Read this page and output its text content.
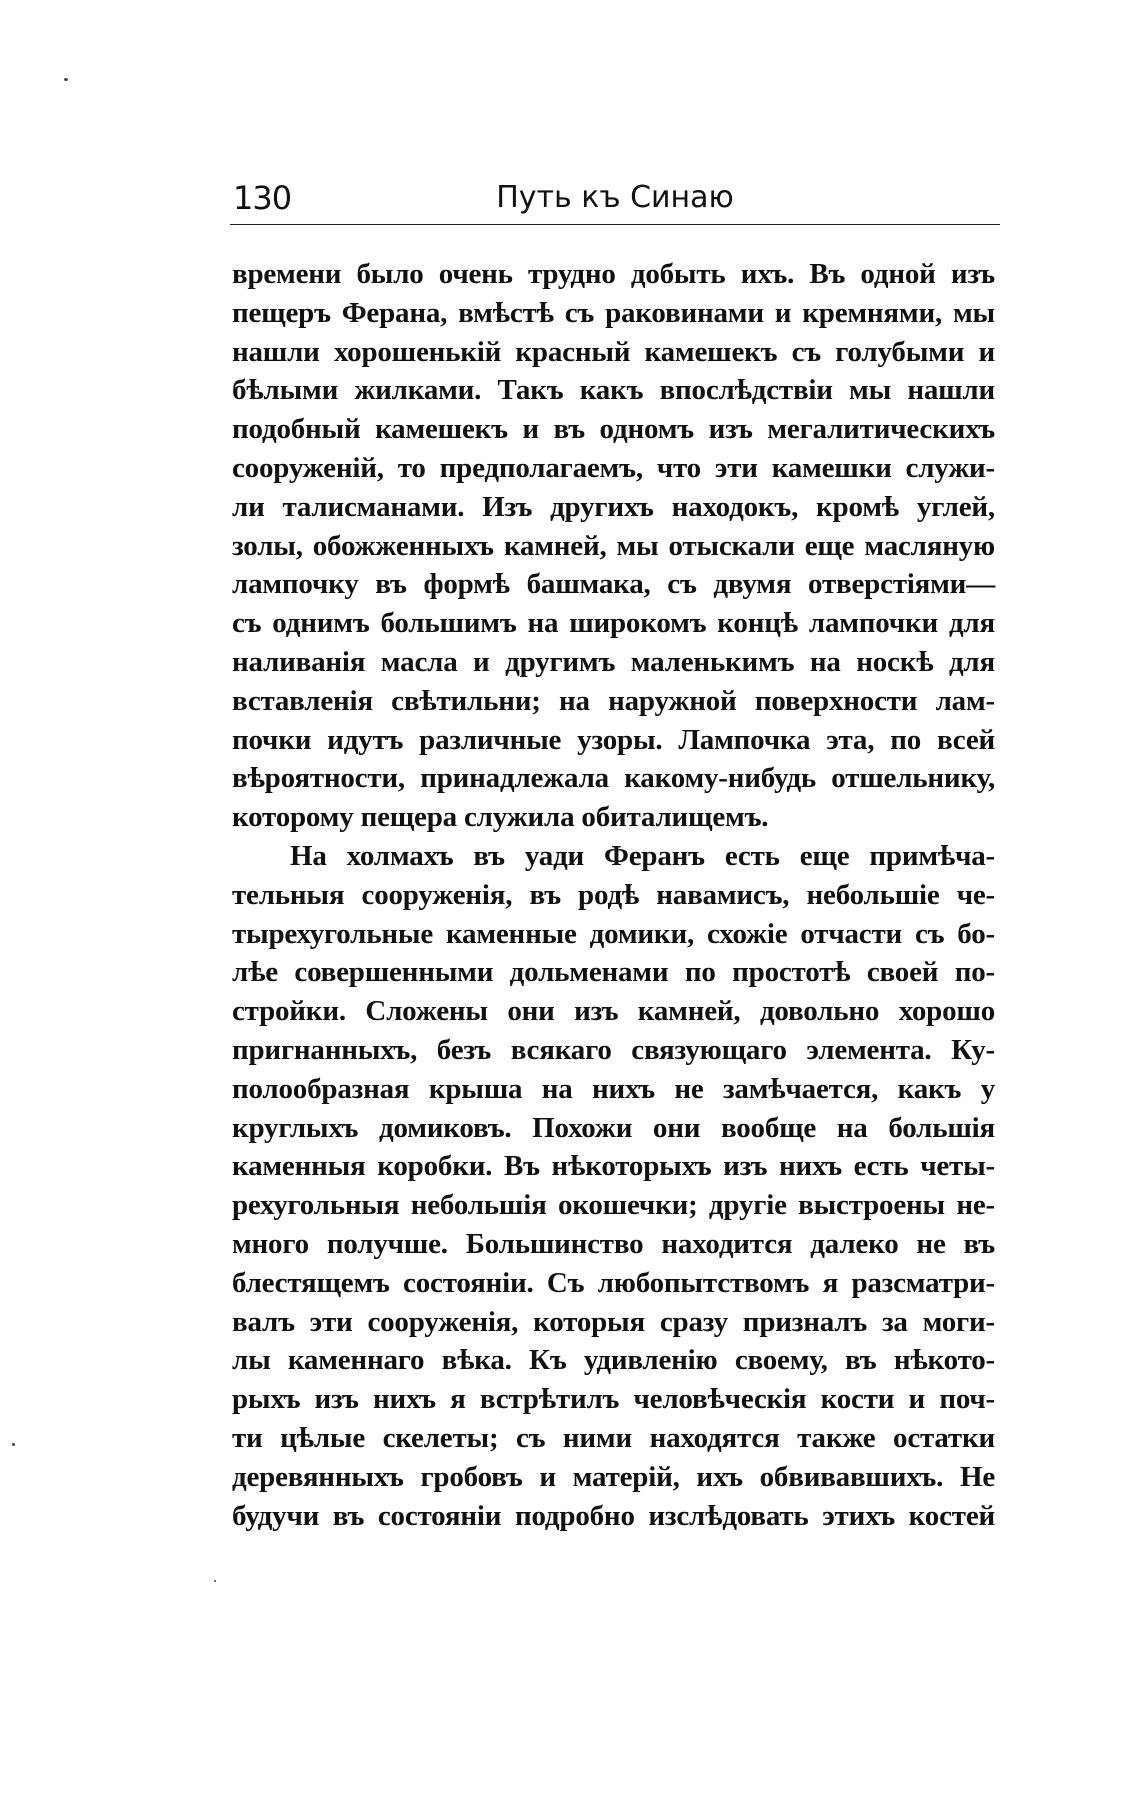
130	Путь къ Синаю
времени было очень трудно добыть ихъ. Въ одной изъ
пещеръ Ферана, вмѣстѣ съ раковинами и кремнями, мы
нашли хорошенькій красный камешекъ съ голубыми и
бѣлыми жилками. Такъ какъ впослѣдствіи мы нашли
подобный камешекъ и въ одномъ изъ мегалитическихъ
сооруженій, то предполагаемъ, что эти камешки служи-
ли талисманами. Изъ другихъ находокъ, кромѣ углей,
золы, обожженныхъ камней, мы отыскали еще масляную
лампочку въ формѣ башмака, съ двумя отверстіями—
съ однимъ большимъ на широкомъ концѣ лампочки для
наливанія масла и другимъ маленькимъ на носкѣ для
вставленія свѣтильни; на наружной поверхности лам-
почки идутъ различные узоры. Лампочка эта, по всей
вѣроятности, принадлежала какому-нибудь отшельнику,
которому пещера служила обиталищемъ.
На холмахъ въ уади Феранъ есть еще примѣча-
тельныя сооруженія, въ родѣ навамисъ, небольшіе че-
тырехугольные каменные домики, схожіе отчасти съ бо-
лѣе совершенными дольменами по простотѣ своей по-
стройки. Сложены они изъ камней, довольно хорошо
пригнанныхъ, безъ всякаго связующаго элемента. Ку-
полообразная крыша на нихъ не замѣчается, какъ у
круглыхъ домиковъ. Похожи они вообще на большія
каменныя коробки. Въ нѣкоторыхъ изъ нихъ есть четы-
рехугольныя небольшія окошечки; другіе выстроены не-
много получше. Большинство находится далеко не въ
блестящемъ состояніи. Съ любопытствомъ я разсматри-
валъ эти сооруженія, которыя сразу призналъ за моги-
лы каменнаго вѣка. Къ удивленію своему, въ нѣкото-
рыхъ изъ нихъ я встрѣтилъ человѣческія кости и поч-
ти цѣлые скелеты; съ ними находятся также остатки
деревянныхъ гробовъ и матерій, ихъ обвивавшихъ. Не
будучи въ состояніи подробно изслѣдовать этихъ костей
